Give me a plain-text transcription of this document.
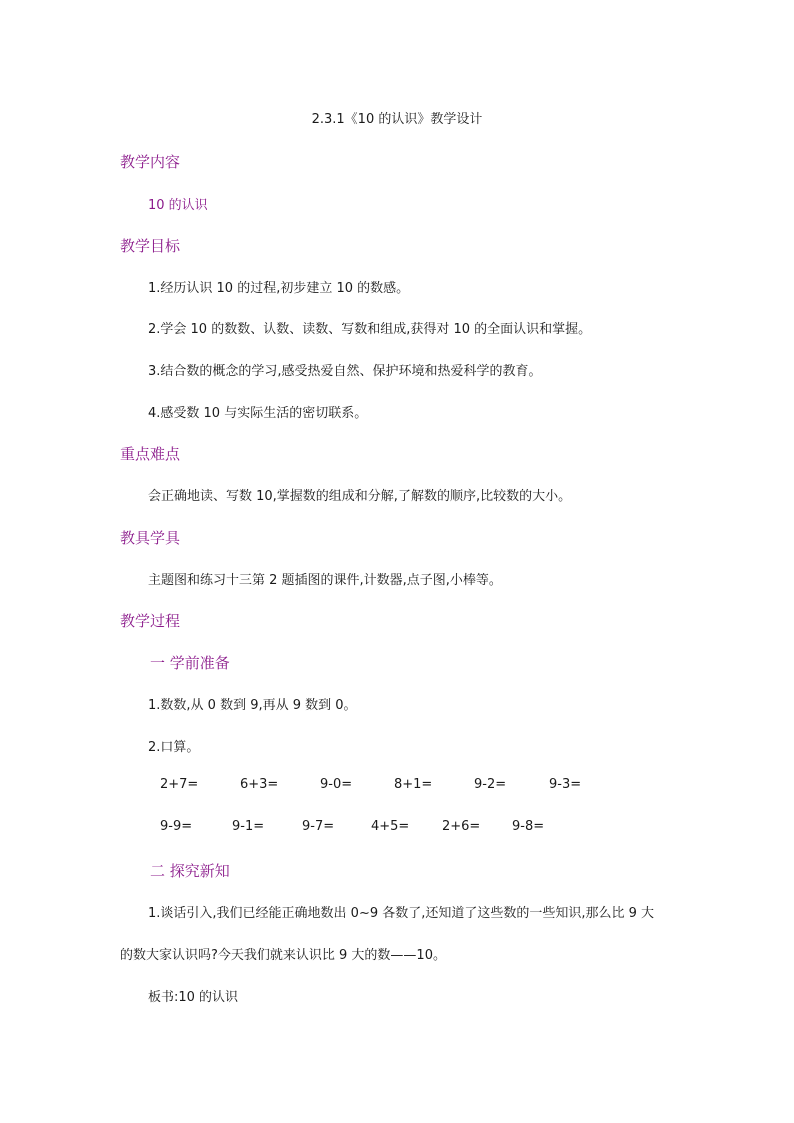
2.3.1《10 的认识》教学设计
教学内容
10 的认识
教学目标
1.经历认识 10 的过程,初步建立 10 的数感。
2.学会 10 的数数、认数、读数、写数和组成,获得对 10 的全面认识和掌握。
3.结合数的概念的学习,感受热爱自然、保护环境和热爱科学的教育。
4.感受数 10 与实际生活的密切联系。
重点难点
会正确地读、写数 10,掌握数的组成和分解,了解数的顺序,比较数的大小。
教具学具
主题图和练习十三第 2 题插图的课件,计数器,点子图,小棒等。
教学过程
一 学前准备
1.数数,从 0 数到 9,再从 9 数到 0。
2.口算。
2+7=	6+3=	9-0=	8+1=	9-2=	9-3=
9-9=	9-1=	9-7=	4+5=	2+6= 9-8=
二 探究新知
1.谈话引入,我们已经能正确地数出 0~9 各数了,还知道了这些数的一些知识,那么比 9 大
的数大家认识吗?今天我们就来认识比 9 大的数——10。
板书:10 的认识
